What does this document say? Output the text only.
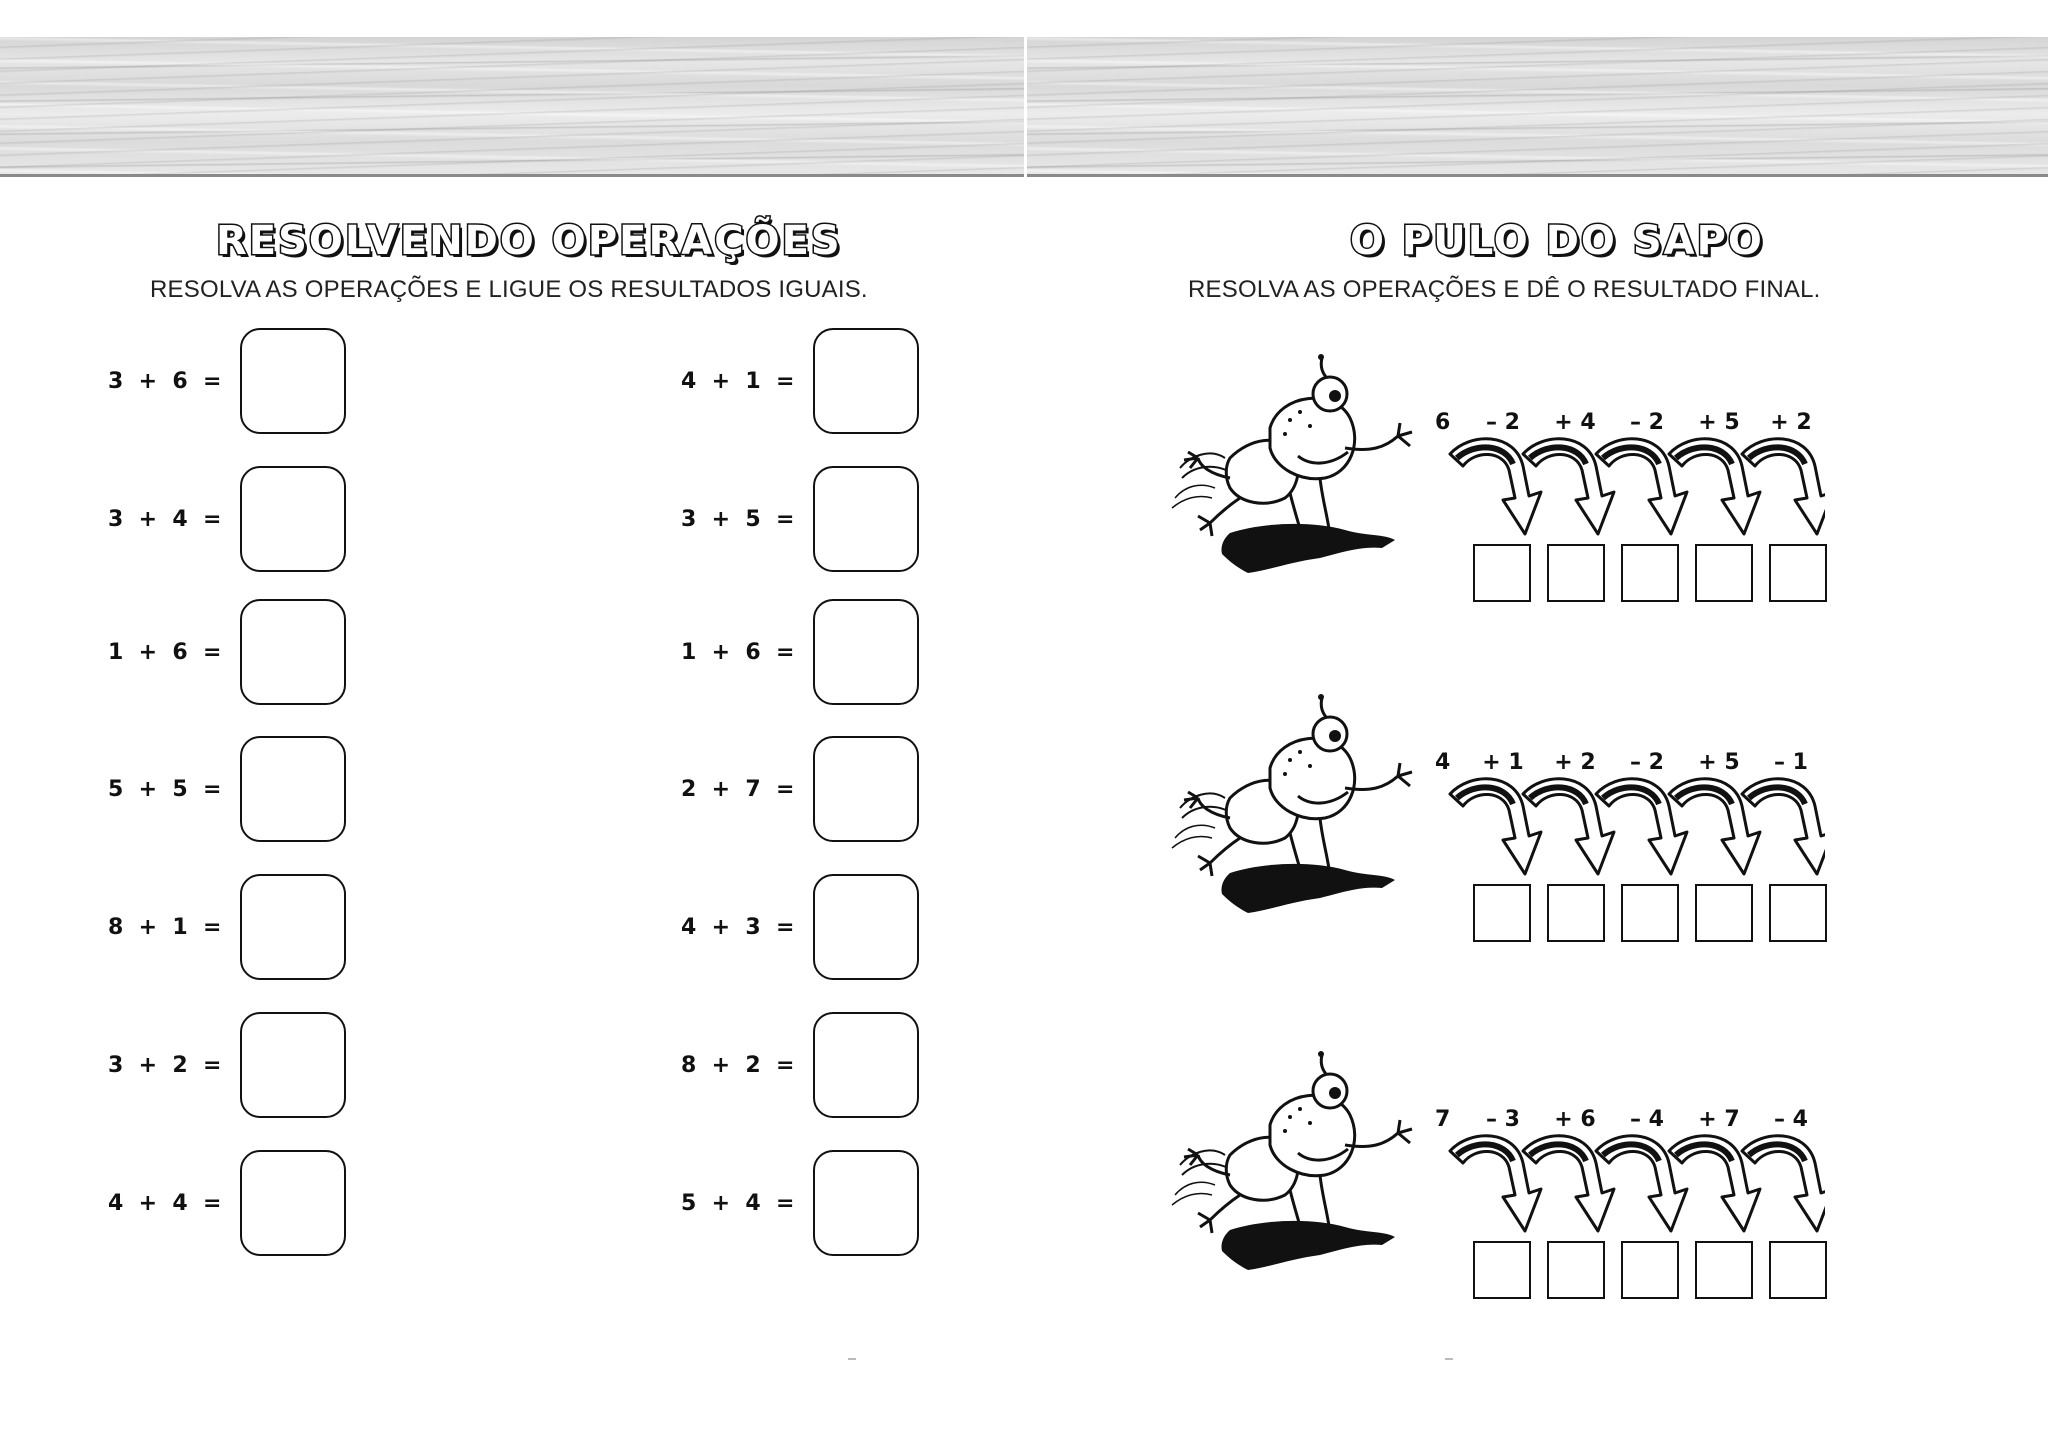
RESOLVENDO OPERAÇÕES

RESOLVA AS OPERAÇÕES E LIGUE OS RESULTADOS IGUAIS.

3  +  6  =
3  +  4  =
1  +  6  =
5  +  5  =
8  +  1  =
3  +  2  =
4  +  4  =
4  +  1  =
3  +  5  =
1  +  6  =
2  +  7  =
4  +  3  =
8  +  2  =
5  +  4  =
O PULO DO SAPO

RESOLVA AS OPERAÇÕES E DÊ O RESULTADO FINAL.

6	– 2	+ 4	– 2	+ 5	+ 2
4	+ 1	+ 2	– 2	+ 5	– 1
7	– 3	+ 6	– 4	+ 7	– 4
